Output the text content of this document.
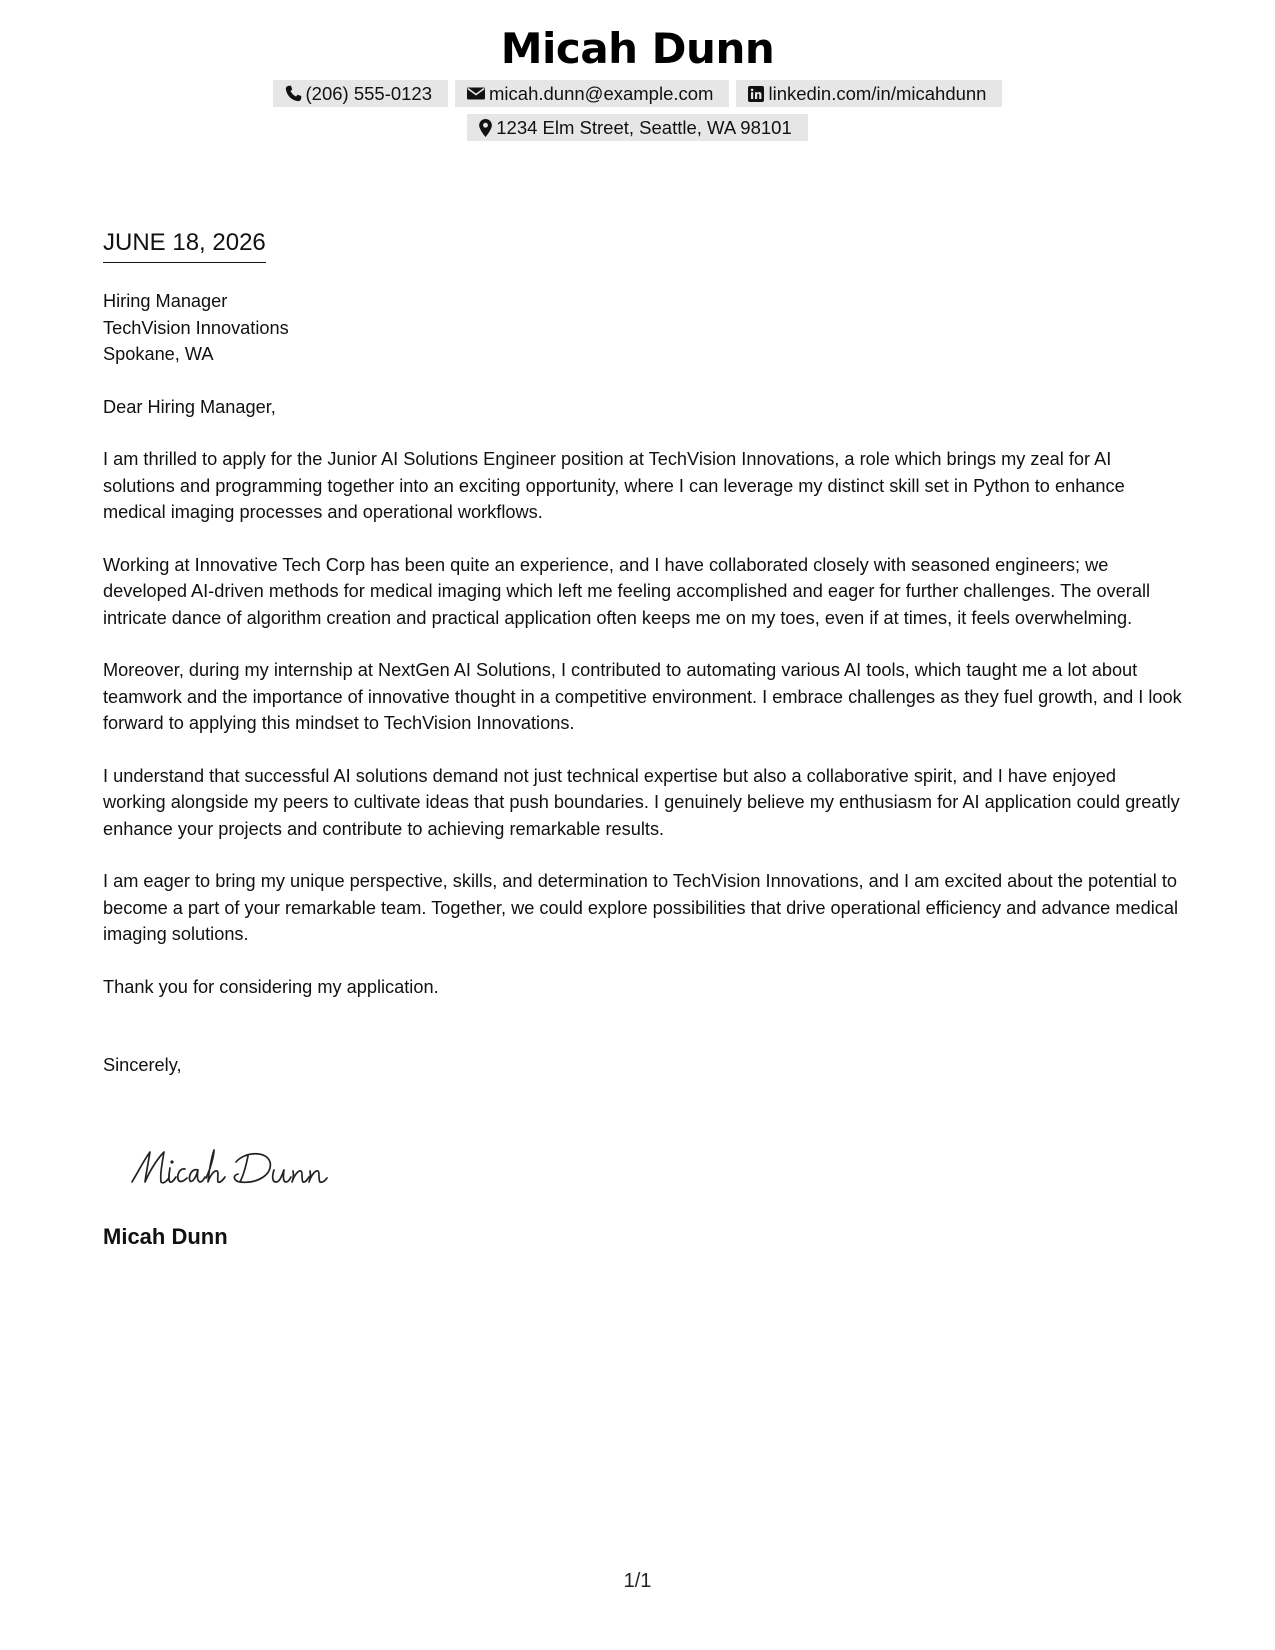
Micah Dunn
(206) 555-0123	micah.dunn@example.com	linkedin.com/in/micahdunn
1234 Elm Street, Seattle, WA 98101
JUNE 18, 2026

Hiring Manager
TechVision Innovations
Spokane, WA

Dear Hiring Manager,

I am thrilled to apply for the Junior AI Solutions Engineer position at TechVision Innovations, a role which brings my zeal for AI solutions and programming together into an exciting opportunity, where I can leverage my distinct skill set in Python to enhance medical imaging processes and operational workflows.

Working at Innovative Tech Corp has been quite an experience, and I have collaborated closely with seasoned engineers; we developed AI-driven methods for medical imaging which left me feeling accomplished and eager for further challenges. The overall intricate dance of algorithm creation and practical application often keeps me on my toes, even if at times, it feels overwhelming.

Moreover, during my internship at NextGen AI Solutions, I contributed to automating various AI tools, which taught me a lot about teamwork and the importance of innovative thought in a competitive environment. I embrace challenges as they fuel growth, and I look forward to applying this mindset to TechVision Innovations.

I understand that successful AI solutions demand not just technical expertise but also a collaborative spirit, and I have enjoyed working alongside my peers to cultivate ideas that push boundaries. I genuinely believe my enthusiasm for AI application could greatly enhance your projects and contribute to achieving remarkable results.

I am eager to bring my unique perspective, skills, and determination to TechVision Innovations, and I am excited about the potential to become a part of your remarkable team. Together, we could explore possibilities that drive operational efficiency and advance medical imaging solutions.

Thank you for considering my application.

Sincerely,

Micah Dunn
1/1
